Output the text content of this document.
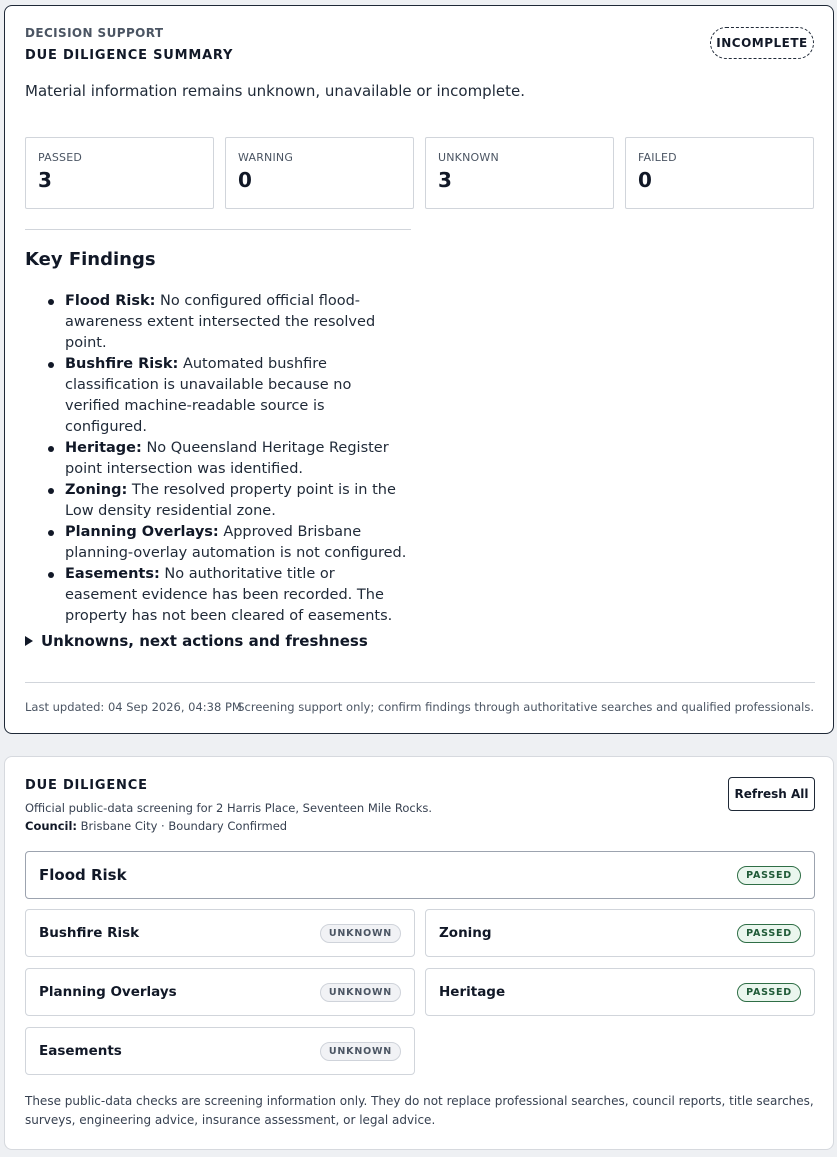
DECISION SUPPORT
DUE DILIGENCE SUMMARY
INCOMPLETE
Material information remains unknown, unavailable or incomplete.
PASSED
3
WARNING
0
UNKNOWN
3
FAILED
0
Key Findings
Flood Risk: No configured official flood-awareness extent intersected the resolved point.
Bushfire Risk: Automated bushfire classification is unavailable because no verified machine-readable source is configured.
Heritage: No Queensland Heritage Register point intersection was identified.
Zoning: The resolved property point is in the Low density residential zone.
Planning Overlays: Approved Brisbane planning-overlay automation is not configured.
Easements: No authoritative title or easement evidence has been recorded. The property has not been cleared of easements.
Unknowns, next actions and freshness
Last updated: 04 Sep 2026, 04:38 PM
Screening support only; confirm findings through authoritative searches and qualified professionals.
DUE DILIGENCE
Official public-data screening for 2 Harris Place, Seventeen Mile Rocks.
Council: Brisbane City · Boundary Confirmed
Refresh All
Flood Risk	PASSED
Bushfire Risk	UNKNOWN	Zoning	PASSED
Planning Overlays	UNKNOWN	Heritage	PASSED
Easements	UNKNOWN
These public-data checks are screening information only. They do not replace professional searches, council reports, title searches, surveys, engineering advice, insurance assessment, or legal advice.
